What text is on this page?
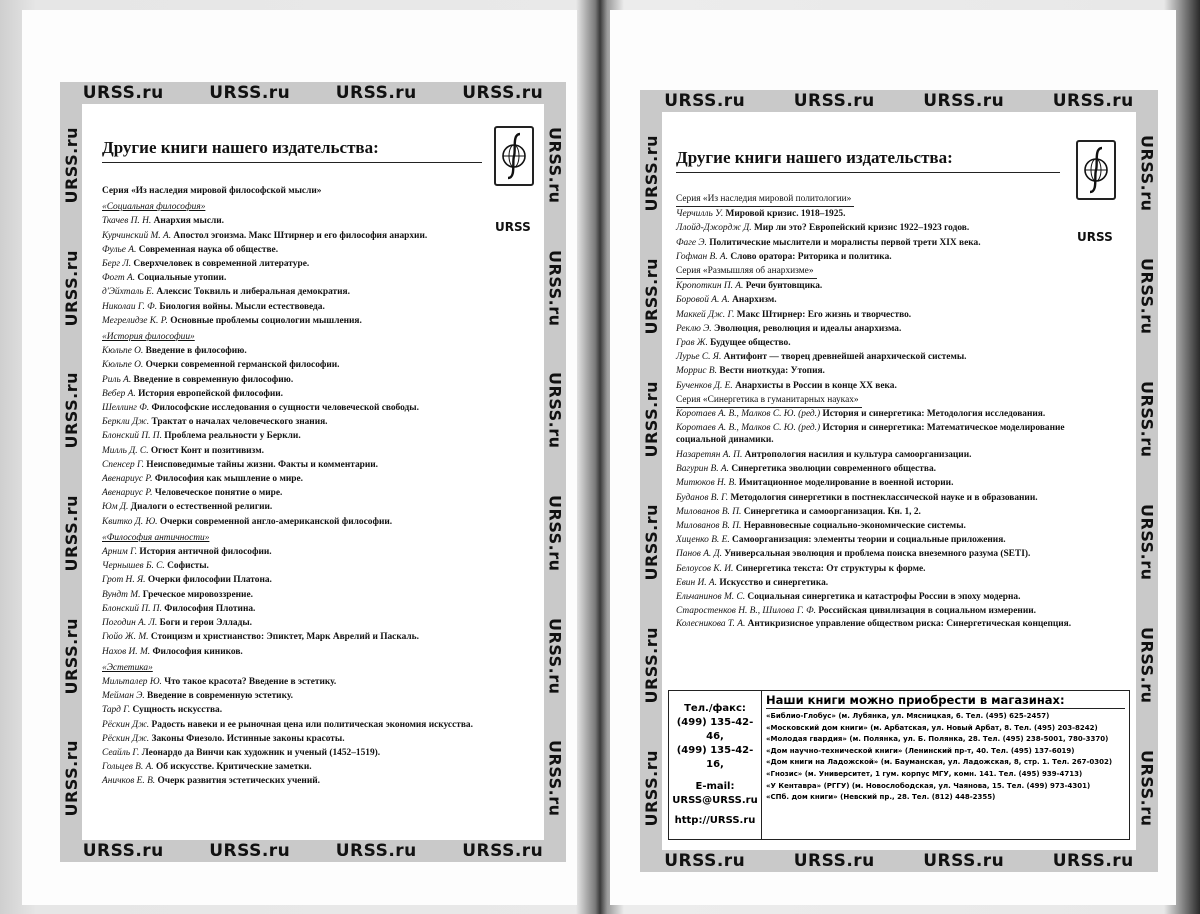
URSS.ru	URSS.ru	URSS.ru	URSS.ru
URSS.ru	URSS.ru	URSS.ru	URSS.ru
URSS.ru
URSS.ru
URSS.ru
URSS.ru
URSS.ru
URSS.ru
URSS.ru
URSS.ru
URSS.ru
URSS.ru
URSS.ru
URSS.ru
Другие книги нашего издательства:
URSS
Серия «Из наследия мировой философской мысли»
«Социальная философия»
Ткачев П. Н. Анархия мысли.
Курчинский М. А. Апостол эгоизма. Макс Штирнер и его философия анархии.
Фулье А. Современная наука об обществе.
Берг Л. Сверхчеловек в современной литературе.
Фогт А. Социальные утопии.
д'Эйхталь Е. Алексис Токвиль и либеральная демократия.
Николаи Г. Ф. Биология войны. Мысли естествоведа.
Мегрелидзе К. Р. Основные проблемы социологии мышления.
«История философии»
Кюльпе О. Введение в философию.
Кюльпе О. Очерки современной германской философии.
Риль А. Введение в современную философию.
Вебер А. История европейской философии.
Шеллинг Ф. Философские исследования о сущности человеческой свободы.
Беркли Дж. Трактат о началах человеческого знания.
Блонский П. П. Проблема реальности у Беркли.
Милль Д. С. Огюст Конт и позитивизм.
Спенсер Г. Неисповедимые тайны жизни. Факты и комментарии.
Авенариус Р. Философия как мышление о мире.
Авенариус Р. Человеческое понятие о мире.
Юм Д. Диалоги о естественной религии.
Квитко Д. Ю. Очерки современной англо-американской философии.
«Философия античности»
Арним Г. История античной философии.
Чернышев Б. С. Софисты.
Грот Н. Я. Очерки философии Платона.
Вундт М. Греческое мировоззрение.
Блонский П. П. Философия Плотина.
Погодин А. Л. Боги и герои Эллады.
Гюйо Ж. М. Стоицизм и христианство: Эпиктет, Марк Аврелий и Паскаль.
Нахов И. М. Философия киников.
«Эстетика»
Мильталер Ю. Что такое красота? Введение в эстетику.
Мейман Э. Введение в современную эстетику.
Тард Г. Сущность искусства.
Рёскин Дж. Радость навеки и ее рыночная цена или политическая экономия искусства.
Рёскин Дж. Законы Фиезоло. Истинные законы красоты.
Сеайль Г. Леонардо да Винчи как художник и ученый (1452–1519).
Гольцев В. А. Об искусстве. Критические заметки.
Аничков Е. В. Очерк развития эстетических учений.
URSS.ru	URSS.ru	URSS.ru	URSS.ru
URSS.ru	URSS.ru	URSS.ru	URSS.ru
URSS.ru
URSS.ru
URSS.ru
URSS.ru
URSS.ru
URSS.ru
URSS.ru
URSS.ru
URSS.ru
URSS.ru
URSS.ru
URSS.ru
Другие книги нашего издательства:
URSS
Серия «Из наследия мировой политологии»
Черчилль У. Мировой кризис. 1918–1925.
Ллойд-Джордж Д. Мир ли это? Европейский кризис 1922–1923 годов.
Фаге Э. Политические мыслители и моралисты первой трети XIX века.
Гофман В. А. Слово оратора: Риторика и политика.
Серия «Размышляя об анархизме»
Кропоткин П. А. Речи бунтовщика.
Боровой А. А. Анархизм.
Маккей Дж. Г. Макс Штирнер: Его жизнь и творчество.
Реклю Э. Эволюция, революция и идеалы анархизма.
Грав Ж. Будущее общество.
Лурье С. Я. Антифонт — творец древнейшей анархической системы.
Моррис В. Вести ниоткуда: Утопия.
Бученков Д. Е. Анархисты в России в конце XX века.
Серия «Синергетика в гуманитарных науках»
Коротаев А. В., Малков С. Ю. (ред.) История и синергетика: Методология исследования.
Коротаев А. В., Малков С. Ю. (ред.) История и синергетика: Математическое моделирование социальной динамики.
Назаретян А. П. Антропология насилия и культура самоорганизации.
Вагурин В. А. Синергетика эволюции современного общества.
Митюков Н. В. Имитационное моделирование в военной истории.
Буданов В. Г. Методология синергетики в постнеклассической науке и в образовании.
Милованов В. П. Синергетика и самоорганизация. Кн. 1, 2.
Милованов В. П. Неравновесные социально-экономические системы.
Хиценко В. Е. Самоорганизация: элементы теории и социальные приложения.
Панов А. Д. Универсальная эволюция и проблема поиска внеземного разума (SETI).
Белоусов К. И. Синергетика текста: От структуры к форме.
Евин И. А. Искусство и синергетика.
Ельчанинов М. С. Социальная синергетика и катастрофы России в эпоху модерна.
Старостенков Н. В., Шилова Г. Ф. Российская цивилизация в социальном измерении.
Колесникова Т. А. Антикризисное управление обществом риска: Синергетическая концепция.
Тел./факс:
(499) 135-42-46,
(499) 135-42-16,
E-mail:
URSS@URSS.ru
http://URSS.ru
Наши книги можно приобрести в магазинах:
«Библио-Глобус» (м. Лубянка, ул. Мясницкая, 6. Тел. (495) 625-2457)
«Московский дом книги» (м. Арбатская, ул. Новый Арбат, 8. Тел. (495) 203-8242)
«Молодая гвардия» (м. Полянка, ул. Б. Полянка, 28. Тел. (495) 238-5001, 780-3370)
«Дом научно-технической книги» (Ленинский пр-т, 40. Тел. (495) 137-6019)
«Дом книги на Ладожской» (м. Бауманская, ул. Ладожская, 8, стр. 1. Тел. 267-0302)
«Гнозис» (м. Университет, 1 гум. корпус МГУ, комн. 141. Тел. (495) 939-4713)
«У Кентавра» (РГГУ) (м. Новослободская, ул. Чаянова, 15. Тел. (499) 973-4301)
«СПб. дом книги» (Невский пр., 28. Тел. (812) 448-2355)
